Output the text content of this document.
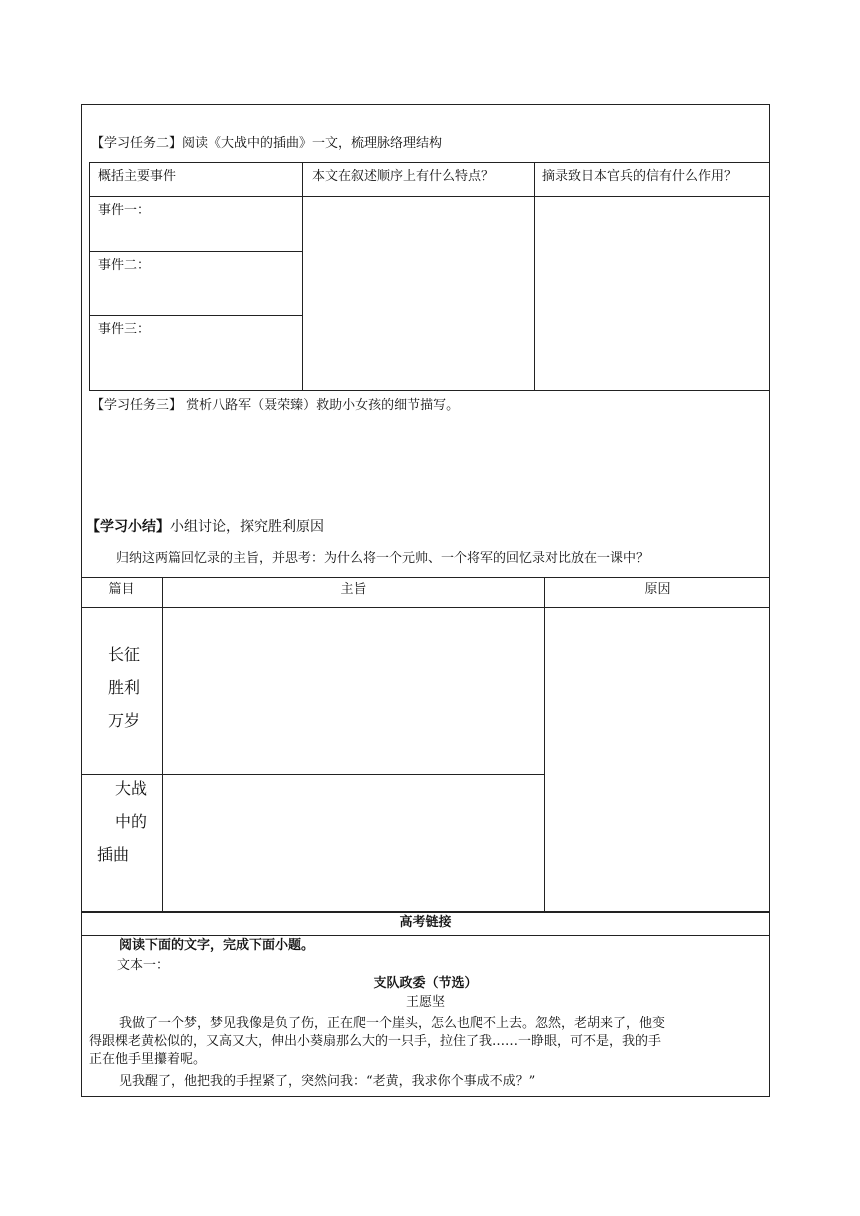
【学习任务二】阅读《大战中的插曲》一文，梳理脉络理结构
概括主要事件	本文在叙述顺序上有什么特点？	摘录致日本官兵的信有什么作用？
事件一：
事件二：
事件三：
【学习任务三】 赏析八路军（聂荣臻）救助小女孩的细节描写。
【学习小结】小组讨论，探究胜利原因
归纳这两篇回忆录的主旨，并思考：为什么将一个元帅、一个将军的回忆录对比放在一课中？
篇目	主旨	原因
长征
胜利
万岁
大战
中的
插曲
高考链接
阅读下面的文字，完成下面小题。
文本一：
支队政委（节选）
王愿坚
我做了一个梦，梦见我像是负了伤，正在爬一个崖头，怎么也爬不上去。忽然，老胡来了，他变
得跟棵老黄松似的，又高又大，伸出小葵扇那么大的一只手，拉住了我……一睁眼，可不是，我的手
正在他手里攥着呢。
见我醒了，他把我的手捏紧了，突然问我：“老黄，我求你个事成不成？”
